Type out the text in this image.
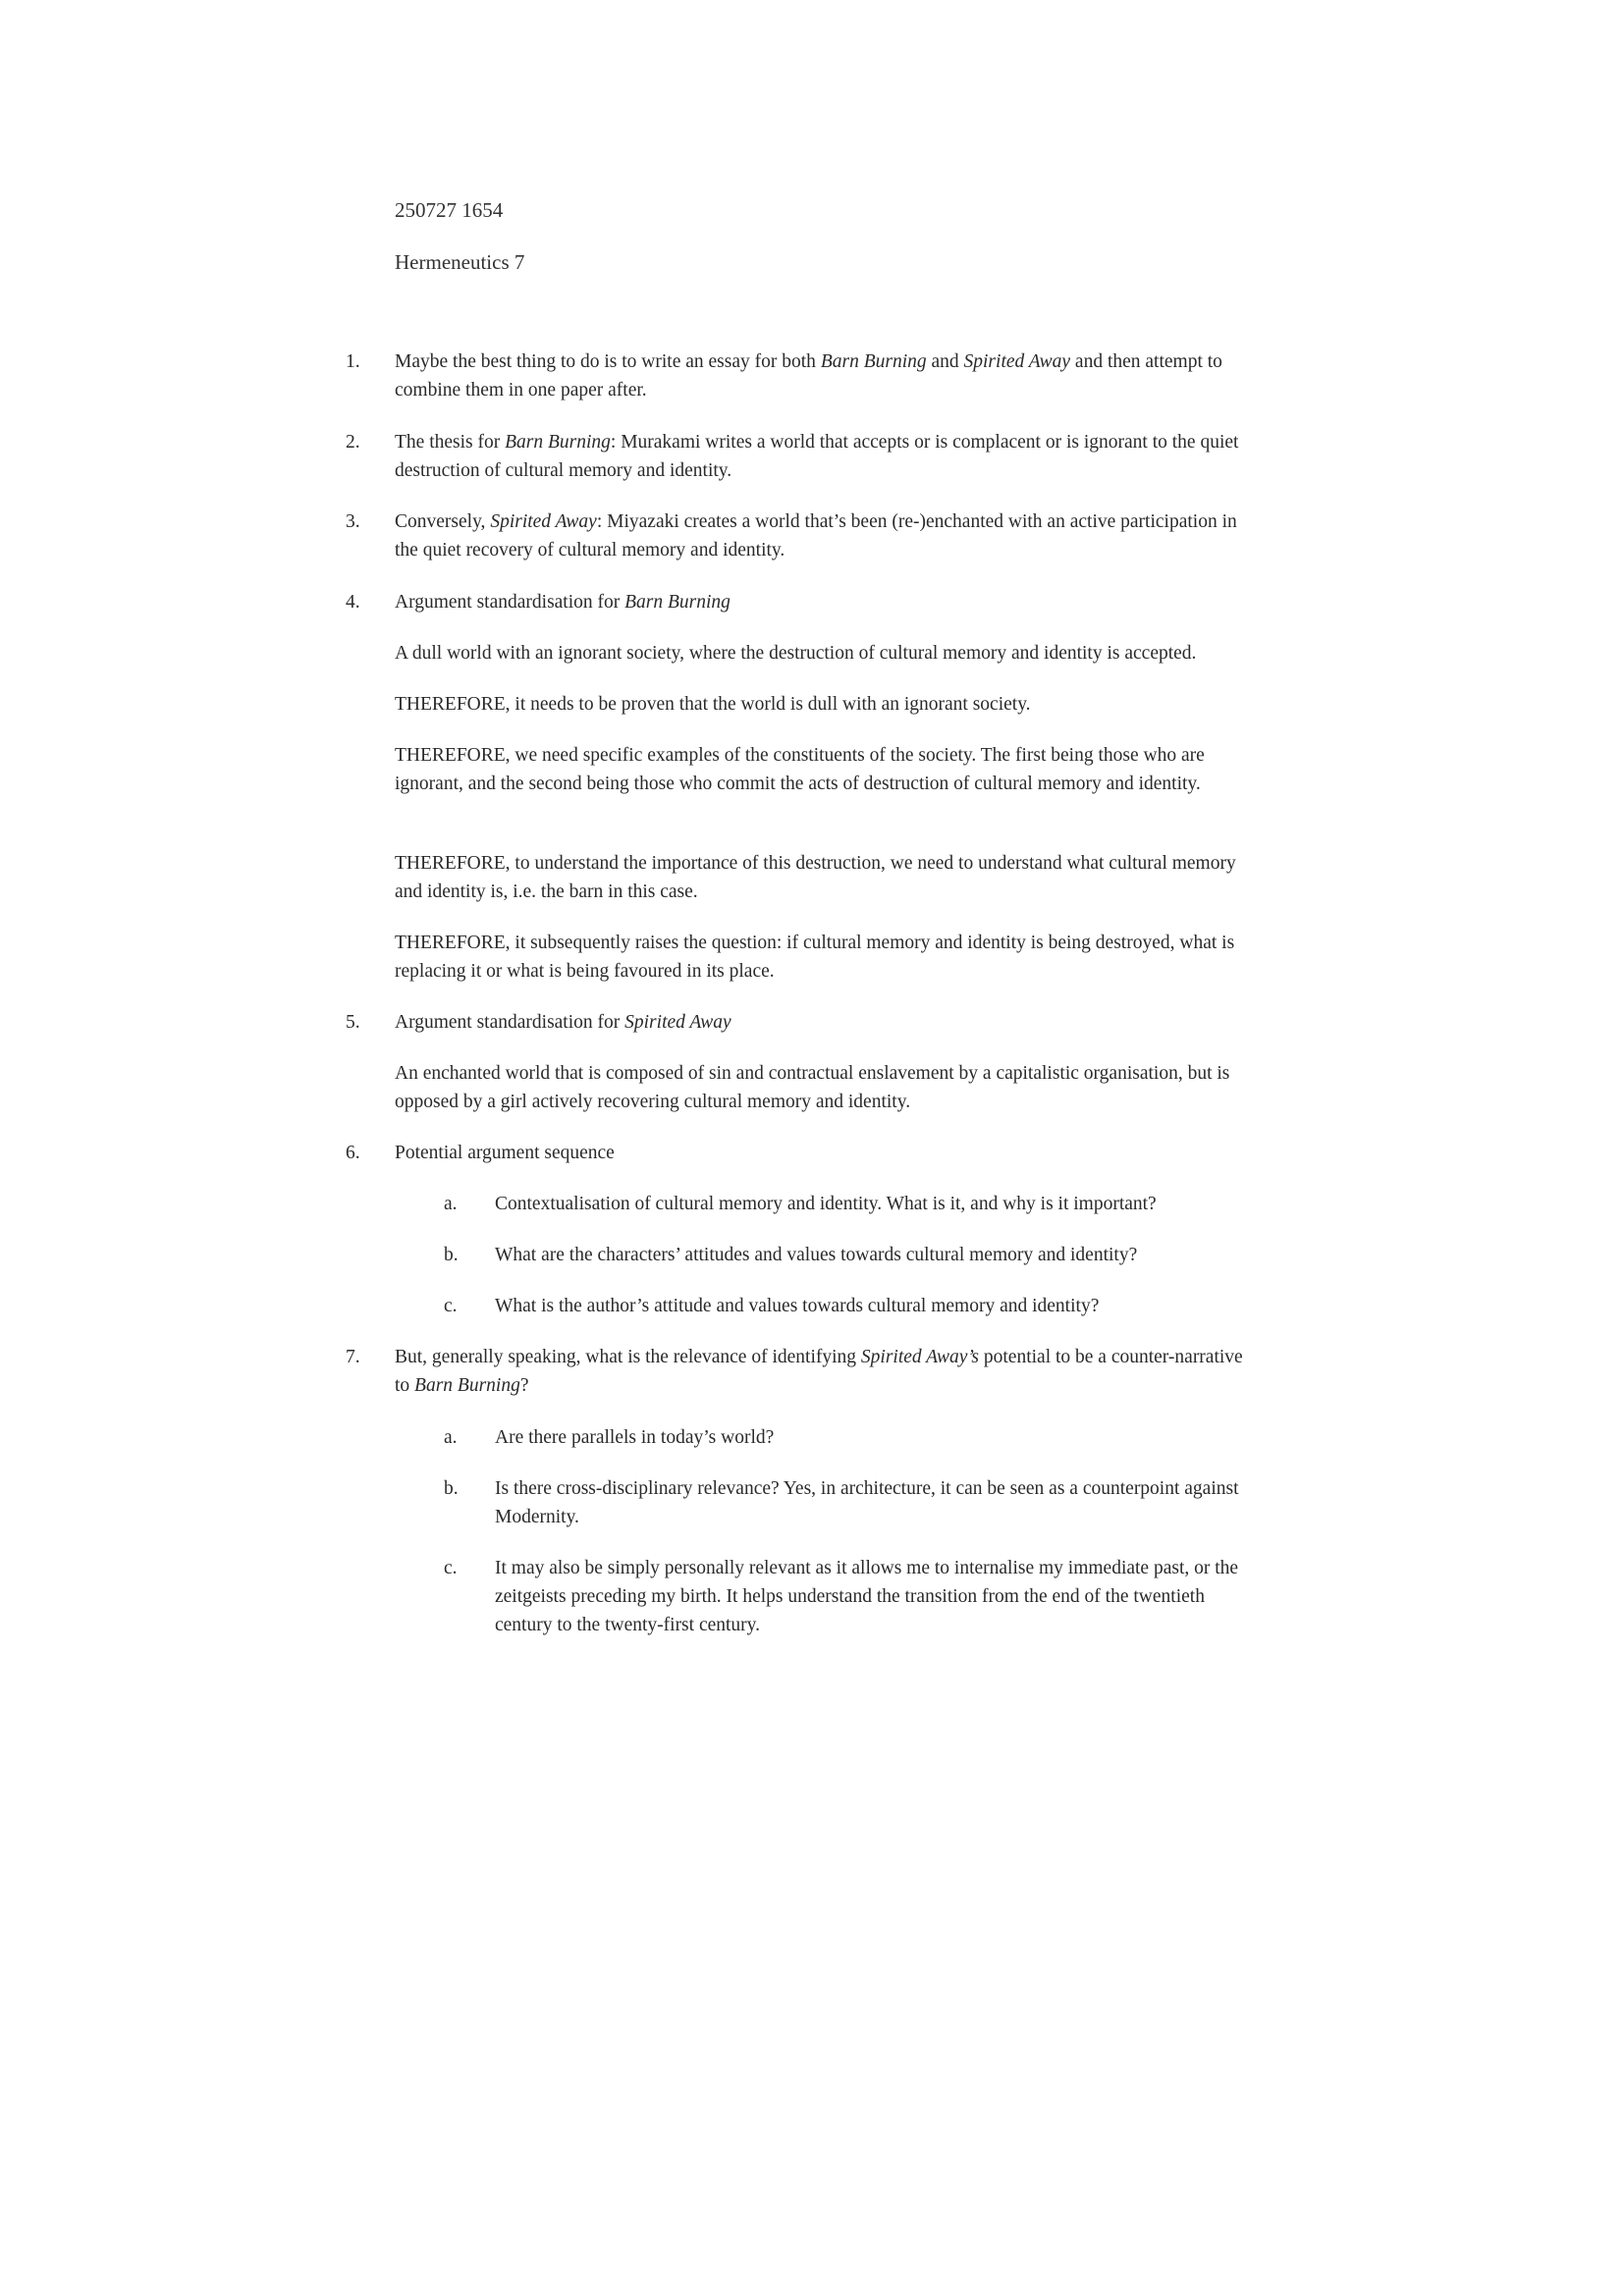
250727 1654
Hermeneutics 7
1. Maybe the best thing to do is to write an essay for both Barn Burning and Spirited Away and then attempt to combine them in one paper after.
2. The thesis for Barn Burning: Murakami writes a world that accepts or is complacent or is ignorant to the quiet destruction of cultural memory and identity.
3. Conversely, Spirited Away: Miyazaki creates a world that’s been (re-)enchanted with an active participation in the quiet recovery of cultural memory and identity.
4. Argument standardisation for Barn Burning
A dull world with an ignorant society, where the destruction of cultural memory and identity is accepted.
THEREFORE, it needs to be proven that the world is dull with an ignorant society.
THEREFORE, we need specific examples of the constituents of the society. The first being those who are ignorant, and the second being those who commit the acts of destruction of cultural memory and identity.
THEREFORE, to understand the importance of this destruction, we need to understand what cultural memory and identity is, i.e. the barn in this case.
THEREFORE, it subsequently raises the question: if cultural memory and identity is being destroyed, what is replacing it or what is being favoured in its place.
5. Argument standardisation for Spirited Away
An enchanted world that is composed of sin and contractual enslavement by a capitalistic organisation, but is opposed by a girl actively recovering cultural memory and identity.
6. Potential argument sequence
a. Contextualisation of cultural memory and identity. What is it, and why is it important?
b. What are the characters’ attitudes and values towards cultural memory and identity?
c. What is the author’s attitude and values towards cultural memory and identity?
7. But, generally speaking, what is the relevance of identifying Spirited Away’s potential to be a counter-narrative to Barn Burning?
a. Are there parallels in today’s world?
b. Is there cross-disciplinary relevance? Yes, in architecture, it can be seen as a counterpoint against Modernity.
c. It may also be simply personally relevant as it allows me to internalise my immediate past, or the zeitgeists preceding my birth. It helps understand the transition from the end of the twentieth century to the twenty-first century.
